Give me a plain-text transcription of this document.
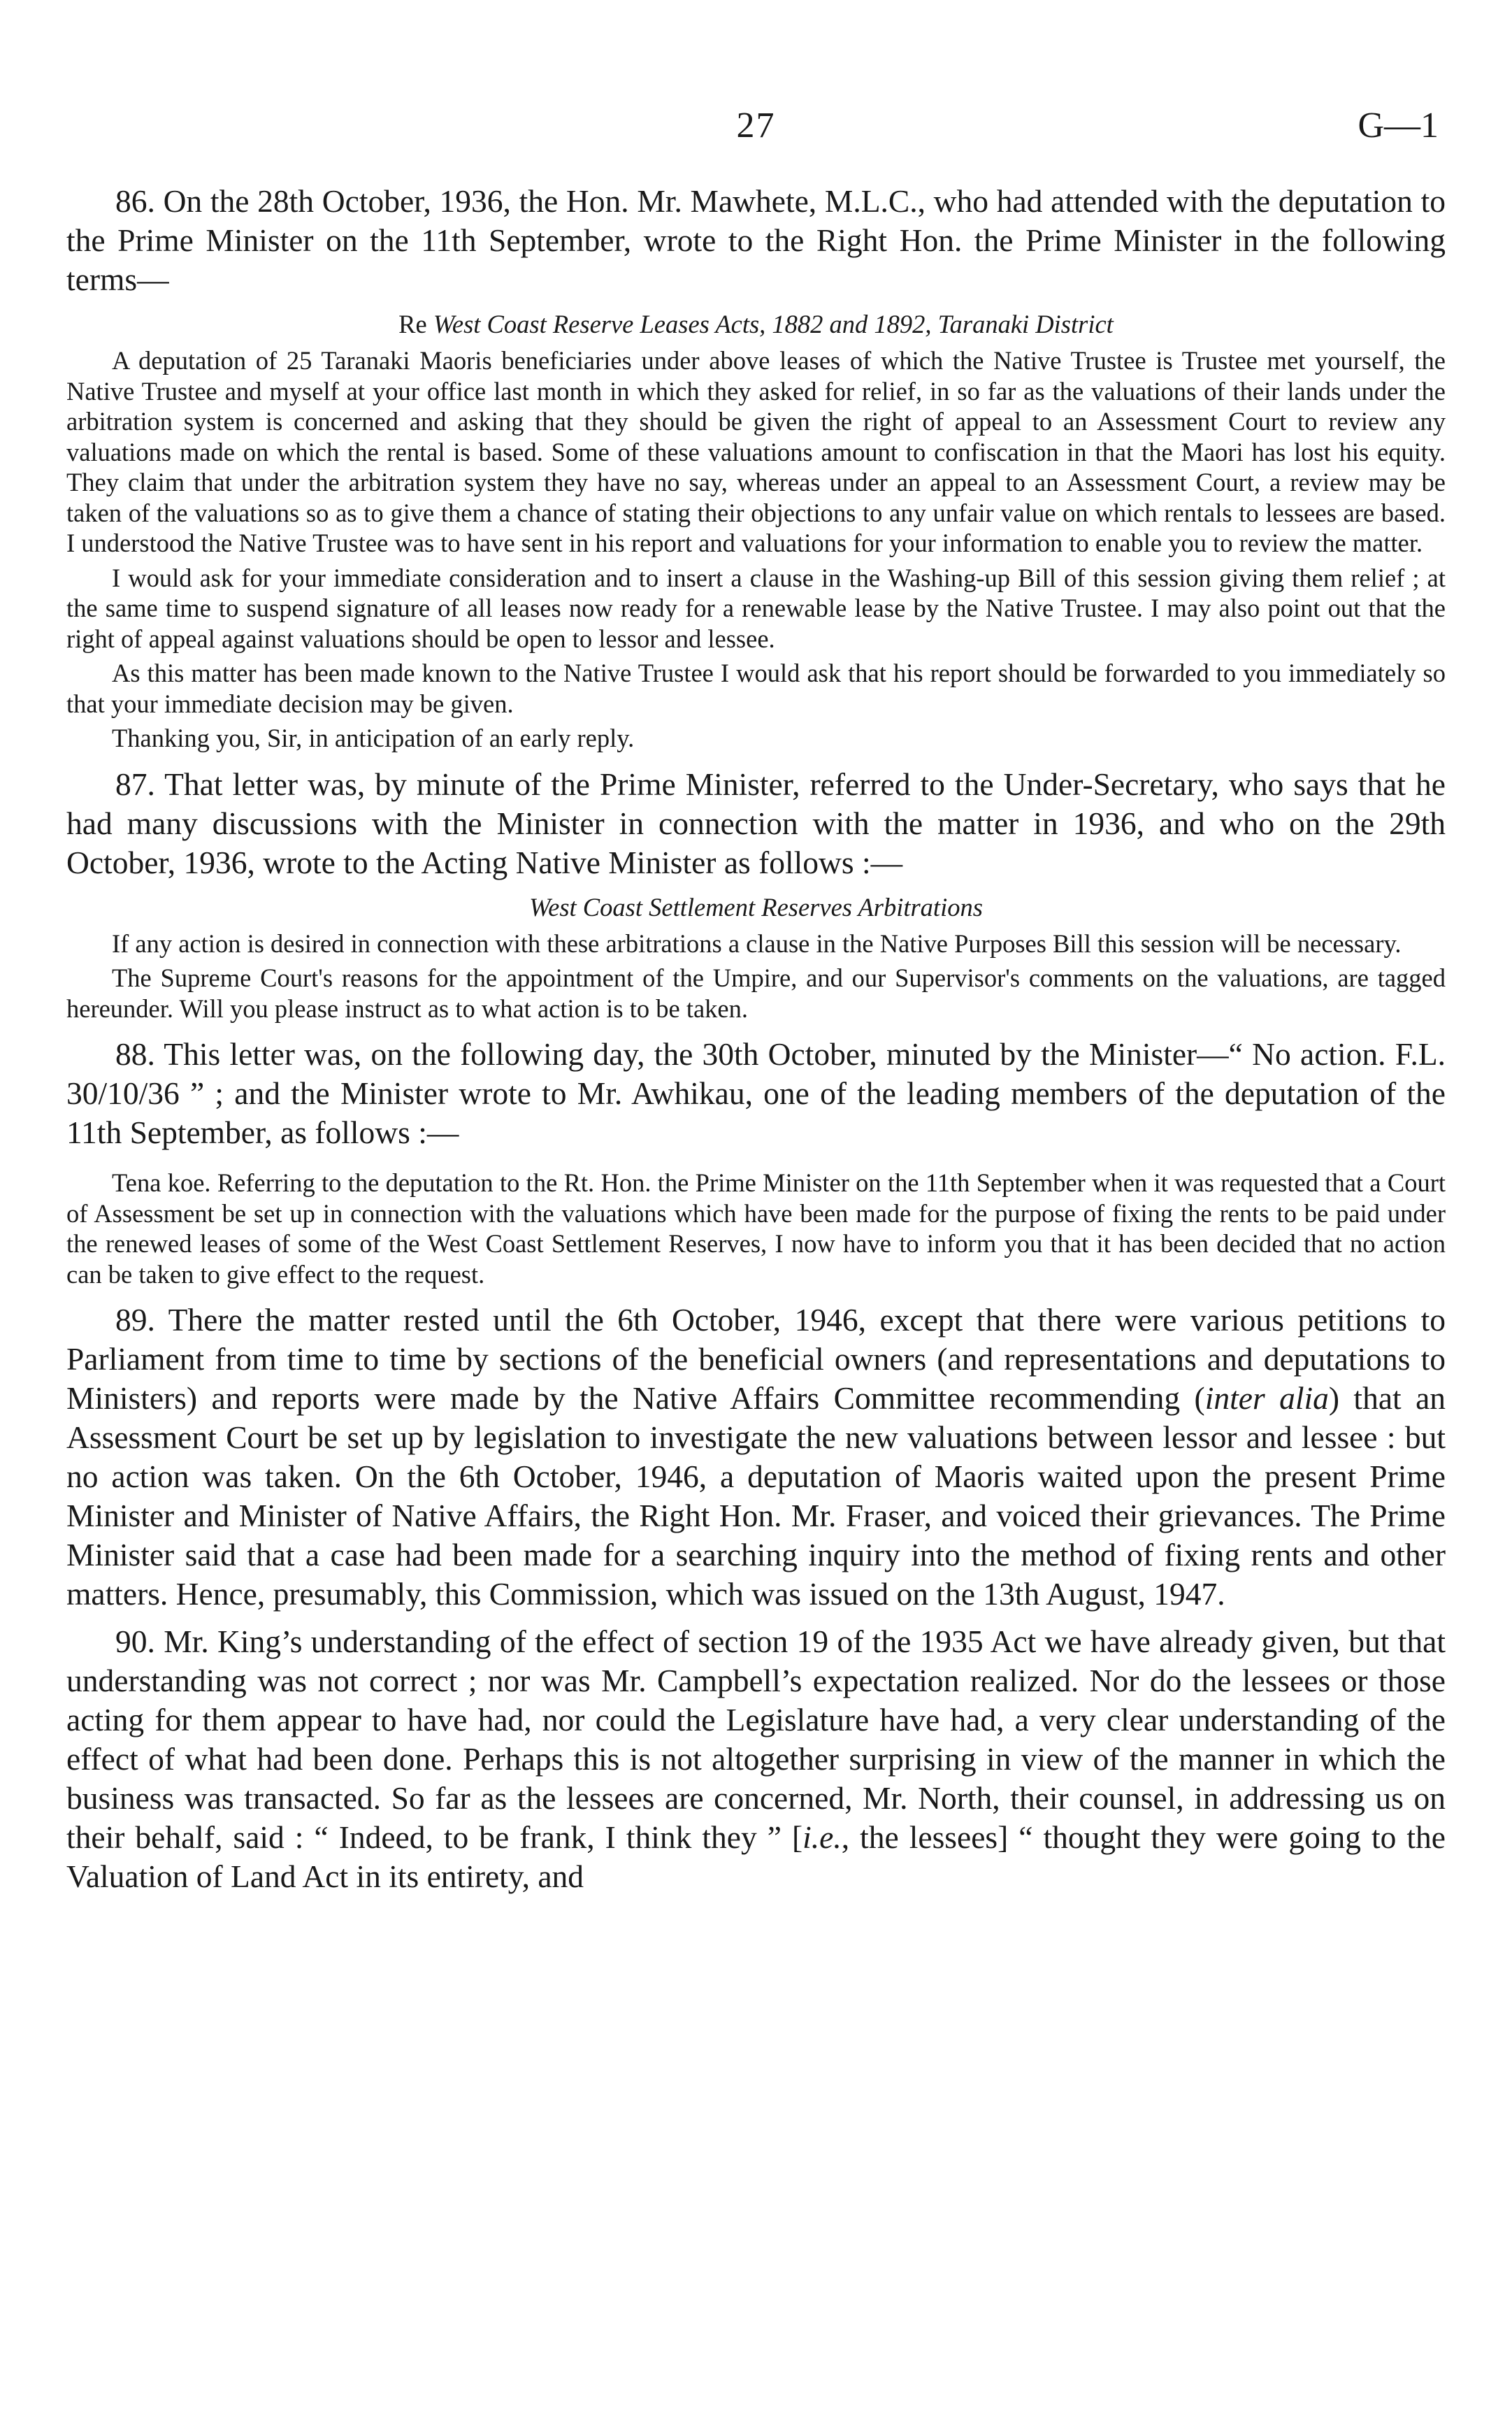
27	G—1

86. On the 28th October, 1936, the Hon. Mr. Mawhete, M.L.C., who had attended with the deputation to the Prime Minister on the 11th September, wrote to the Right Hon. the Prime Minister in the following terms—

Re West Coast Reserve Leases Acts, 1882 and 1892, Taranaki District

A deputation of 25 Taranaki Maoris beneficiaries under above leases of which the Native Trustee is Trustee met yourself, the Native Trustee and myself at your office last month in which they asked for relief, in so far as the valuations of their lands under the arbitration system is concerned and asking that they should be given the right of appeal to an Assessment Court to review any valuations made on which the rental is based. Some of these valuations amount to confiscation in that the Maori has lost his equity. They claim that under the arbitration system they have no say, whereas under an appeal to an Assessment Court, a review may be taken of the valuations so as to give them a chance of stating their objections to any unfair value on which rentals to lessees are based. I understood the Native Trustee was to have sent in his report and valuations for your information to enable you to review the matter.

I would ask for your immediate consideration and to insert a clause in the Washing-up Bill of this session giving them relief ; at the same time to suspend signature of all leases now ready for a renewable lease by the Native Trustee. I may also point out that the right of appeal against valuations should be open to lessor and lessee.

As this matter has been made known to the Native Trustee I would ask that his report should be forwarded to you immediately so that your immediate decision may be given.

Thanking you, Sir, in anticipation of an early reply.

87. That letter was, by minute of the Prime Minister, referred to the Under-Secretary, who says that he had many discussions with the Minister in connection with the matter in 1936, and who on the 29th October, 1936, wrote to the Acting Native Minister as follows :—

West Coast Settlement Reserves Arbitrations

If any action is desired in connection with these arbitrations a clause in the Native Purposes Bill this session will be necessary.

The Supreme Court's reasons for the appointment of the Umpire, and our Supervisor's comments on the valuations, are tagged hereunder. Will you please instruct as to what action is to be taken.

88. This letter was, on the following day, the 30th October, minuted by the Minister—“ No action. F.L. 30/10/36 ” ; and the Minister wrote to Mr. Awhikau, one of the leading members of the deputation of the 11th September, as follows :—

Tena koe. Referring to the deputation to the Rt. Hon. the Prime Minister on the 11th September when it was requested that a Court of Assessment be set up in connection with the valuations which have been made for the purpose of fixing the rents to be paid under the renewed leases of some of the West Coast Settlement Reserves, I now have to inform you that it has been decided that no action can be taken to give effect to the request.

89. There the matter rested until the 6th October, 1946, except that there were various petitions to Parliament from time to time by sections of the beneficial owners (and representations and deputations to Ministers) and reports were made by the Native Affairs Committee recommending (inter alia) that an Assessment Court be set up by legislation to investigate the new valuations between lessor and lessee : but no action was taken. On the 6th October, 1946, a deputation of Maoris waited upon the present Prime Minister and Minister of Native Affairs, the Right Hon. Mr. Fraser, and voiced their grievances. The Prime Minister said that a case had been made for a searching inquiry into the method of fixing rents and other matters. Hence, presumably, this Commission, which was issued on the 13th August, 1947.

90. Mr. King’s understanding of the effect of section 19 of the 1935 Act we have already given, but that understanding was not correct ; nor was Mr. Campbell’s expectation realized. Nor do the lessees or those acting for them appear to have had, nor could the Legislature have had, a very clear understanding of the effect of what had been done. Perhaps this is not altogether surprising in view of the manner in which the business was transacted. So far as the lessees are concerned, Mr. North, their counsel, in addressing us on their behalf, said : “ Indeed, to be frank, I think they ” [i.e., the lessees] “ thought they were going to the Valuation of Land Act in its entirety, and
